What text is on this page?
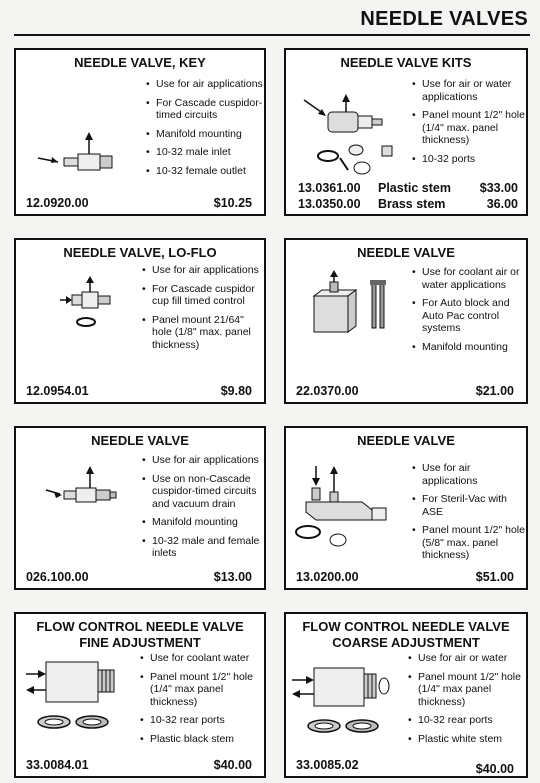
NEEDLE VALVES
NEEDLE VALVE, KEY
• Use for air applications
• For Cascade cuspidor-timed circuits
• Manifold mounting
• 10-32 male inlet
• 10-32 female outlet
12.0920.00	$10.25
NEEDLE VALVE KITS
• Use for air or water applications
• Panel mount 1/2" hole (1/4" max. panel thickness)
• 10-32 ports
13.0361.00 Plastic stem $33.00
13.0350.00 Brass stem	36.00
NEEDLE VALVE, LO-FLO
• Use for air applications
• For Cascade cuspidor cup fill timed control
• Panel mount 21/64" hole (1/8" max. panel thickness)
12.0954.01	$9.80
NEEDLE VALVE
• Use for coolant air or water applications
• For Auto block and Auto Pac control systems
• Manifold mounting
22.0370.00	$21.00
NEEDLE VALVE
• Use for air applications
• Use on non-Cascade cuspidor-timed circuits and vacuum drain
• Manifold mounting
• 10-32 male and female inlets
026.100.00	$13.00
NEEDLE VALVE
• Use for air applications
• For Steril-Vac with ASE
• Panel mount 1/2" hole (5/8" max. panel thickness)
13.0200.00	$51.00
FLOW CONTROL NEEDLE VALVE
FINE ADJUSTMENT
• Use for coolant water
• Panel mount 1/2" hole (1/4" max panel thickness)
• 10-32 rear ports
• Plastic black stem
33.0084.01	$40.00
FLOW CONTROL NEEDLE VALVE
COARSE ADJUSTMENT
• Use for air or water
• Panel mount 1/2" hole (1/4" max panel thickness)
• 10-32 rear ports
• Plastic white stem
33.0085.02	$40.00
